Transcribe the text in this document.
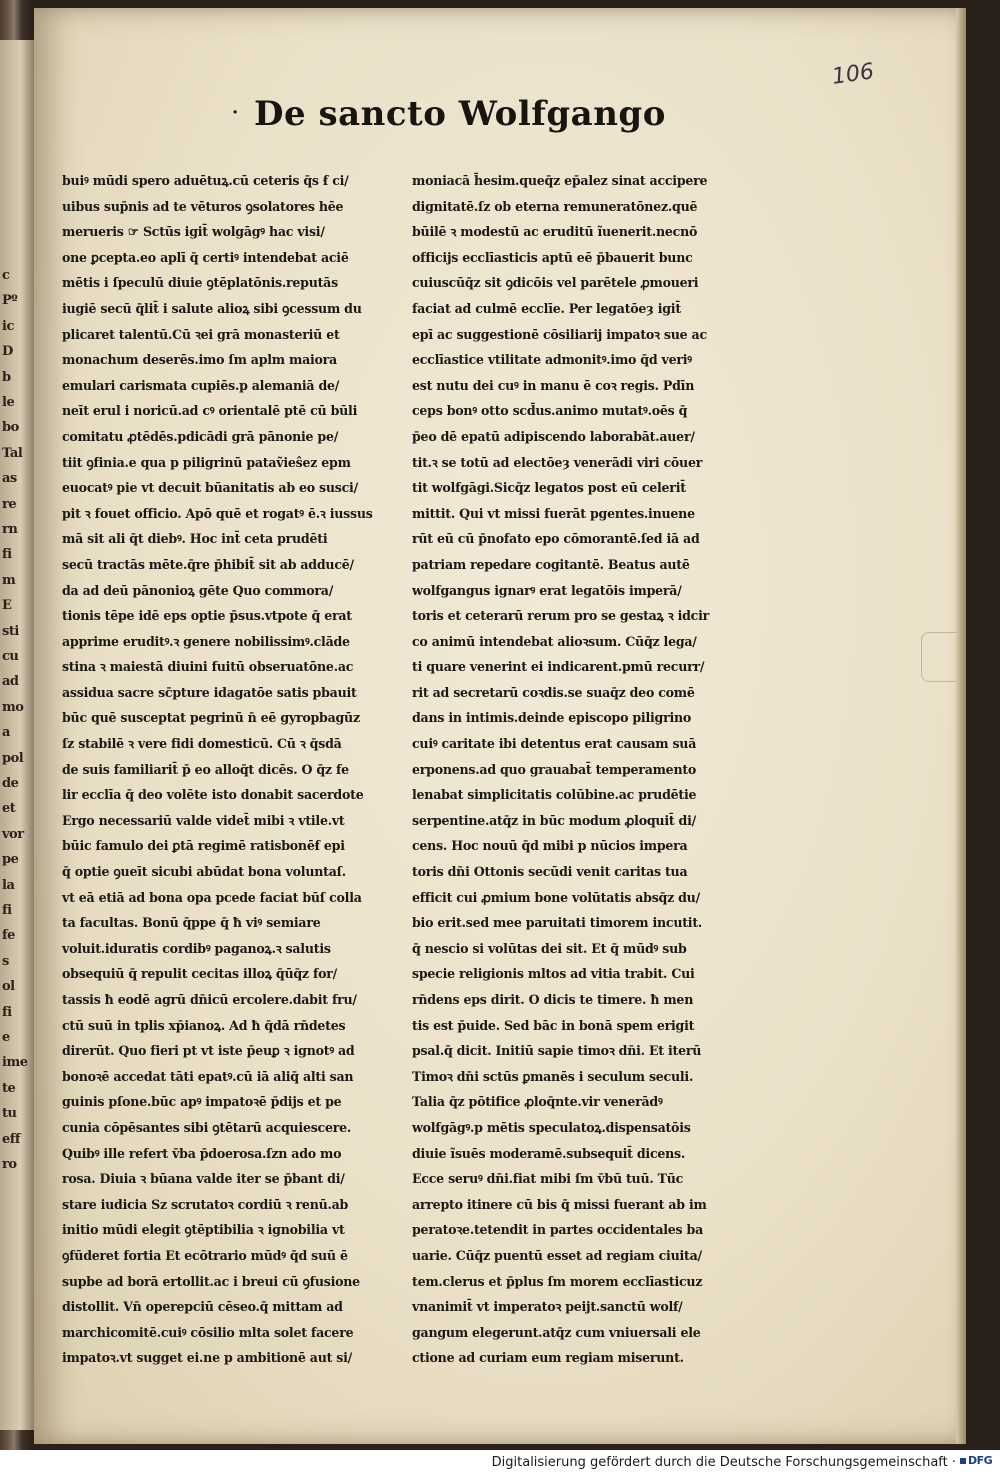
c
Pº
ic
D
b
le
bo
Tal
as
re
rn
fi
m
E
sti
cu
ad
mo
a
pol
de
et
vor
pe
la
fi
fe
s
ol
fi
e
ime
te
tu
eff
ro
106
· De sancto Wolfgango
buiꝰ mūdi spero aduētuꝝ.cū ceteris q̄s ẜ ci/
uibus sup̄nis ad te vēturos ꝯsolatores hēe
merueris ☞ Sctūs igit̄ wolgāgꝰ hac visi/
one ꝑcepta.eo aplī q̄ certiꝰ intendebat aciē
mētis i ſpeculū diuie ꝯtēplatōnis.reputās
iugiē secū q̄lit̄ i salute alioꝝ sibi ꝯcessum du
plicaret talentū.Cū ꝛei grā monasteriū et
monachum deserēs.imo ſm aplm maiora
emulari carismata cupiēs.p alemaniā de/
neīt erul i noricū.ad cꝰ orientalē ptē cū būli
comitatu ꝓtēdēs.pdicādi grā pānonie pe/
tiit ꝯfinia.e qua p piligrinū pataṽieŝez epm
euocatꝰ pie vt decuit būanitatis ab eo susci/
pit ꝛ fouet officio. Apō quē et rogatꝰ ē.ꝛ iussus
mā sit ali q̄t diebꝰ. Hoc int̄ ceta prudēti
secū tractās mēte.q̄re p̄hibit̄ sit ab adducē/
da ad deū pānonioꝝ gēte Quo commora/
tionis tēpe idē eps optie p̄sus.vtpote q̄ erat
apprime eruditꝰ.ꝛ genere nobilissimꝰ.clāde
stina ꝛ maiestā diuini fuitū obseruatōne.ac
assidua sacre sc̄pture idagatōe satis pbauit
būc quē susceptat pegrinū n̄ eē gyropbagūz
ſz stabilē ꝛ vere fidi domesticū. Cū ꝛ q̄sdā
de suis familiarit̄ p̄ eo alloq̄t dicēs. O q̄z fe
lir ecclīa q̄ deo volēte isto donabit sacerdote
Ergo necessariū valde videt̄ mibi ꝛ vtile.vt
būic famulo dei ꝑtā regimē ratisbonēẜ epi
q̄ optie ꝯueīt sicubi abūdat bona voluntaſ.
vt eā etiā ad bona opa pcede faciat būſ colla
ta facultas. Bonū q̄ppe q̄ ħ viꝰ semiare
voluit.iduratis cordibꝰ paganoꝝ.ꝛ salutis
obsequiū q̄ repulit cecitas illoꝝ q̄ūq̄z for/
tassis ħ eodē agrū dn̄icū ercolere.dabit fru/
ctū suū in tplis xp̄ianoꝝ. Ad ħ q̄dā rn̄detes
direrūt. Quo fieri pt vt iste p̄euꝑ ꝛ ignotꝰ ad
bonoꝛē accedat tāti epatꝰ.cū iā aliq̄ alti san
guinis pſone.būc apꝰ impatoꝛē p̄dijs et pe
cunia cōpēsantes sibi ꝯtētarū acquiescere.
Quibꝰ ille refert v̄ba p̄doerosa.ſzn ado mo
rosa. Diuia ꝛ būana valde iter se p̄bant di/
stare iudicia Sz scrutatoꝛ cordiū ꝛ renū.ab
initio mūdi elegit ꝯtēptibilia ꝛ ignobilia vt
ꝯfūderet fortia Et ecōtrario mūdꝰ q̄d suū ē
supbe ad borā ertollit.ac i breui cū ꝯfusione
distollit. Vn̄ operepciū cēseo.q̄ mittam ad
marchicomitē.cuiꝰ cōsilio mlta solet facere
impatoꝛ.vt sugget ei.ne p ambitionē aut si/
moniacā h̄esim.queq̄z ep̄alez sinat accipere
dignitatē.ſz ob eterna remuneratōnez.quē
būilē ꝛ modestū ac eruditū ĩuenerit.necnō
officijs ecclīasticis aptū eē p̄bauerit bunc
cuiuscūq̄z sit ꝯdicōis vel parētele ꝓmoueri
faciat ad culmē ecclīe. Per legatōeȝ igit̄
epī ac suggestionē cōsiliarij impatoꝛ sue ac
ecclīastice vtilitate admonitꝰ.imo q̄d veriꝰ
est nutu dei cuꝰ in manu ē coꝛ regis. Pdīn
ceps bonꝰ otto scd̄us.animo mutatꝰ.oēs q̄
p̄eo dē epatū adipiscendo laborabāt.auer/
tit.ꝛ se totū ad electōeȝ venerādi viri cōuer
tit wolfgāgi.Sicq̄z legatos post eū celerit̄
mittit. Qui vt missi fuerāt pgentes.inuene
rūt eū cū p̄nofato epo cōmorantē.ſed iā ad
patriam repedare cogitantē. Beatus autē
wolfgangus ignarꝰ erat legatōis imperā/
toris et ceterarū rerum pro se gestaꝝ ꝛ idcir
co animū intendebat alioꝛsum. Cūq̄z lega/
ti quare venerint ei indicarent.pmū recurr/
rit ad secretarū coꝛdis.se suaq̄z deo comē
dans in intimis.deinde episcopo piligrino
cuiꝰ caritate ibi detentus erat causam suā
erponens.ad quo grauabat̄ temperamento
lenabat simplicitatis colūbine.ac prudētie
serpentine.atq̄z in būc modum ꝓloquit̄ di/
cens. Hoc nouū q̄d mibi p nūcios impera
toris dn̄i Ottonis secūdi venit caritas tua
efficit cui ꝓmium bone volūtatis absq̄z du/
bio erit.sed mee paruitati timorem incutit.
q̄ nescio si volūtas dei sit. Et q̄ mūdꝰ sub
specie religionis mltos ad vitia trabit. Cui
rn̄dens eps dirit. O dicis te timere. ħ men
tis est p̄uide. Sed bāc in bonā spem erigit
psal.q̄ dicit. Initiū sapie timoꝛ dn̄i. Et iterū
Timoꝛ dn̄i sctūs ꝑmanēs i seculum seculi.
Talia q̄z pōtifice ꝓloq̄nte.vir venerādꝰ
wolfgāgꝰ.p mētis speculatoꝝ.dispensatōis
diuie ĩsuēs moderamē.subsequit̄ dicens.
Ecce seruꝰ dn̄i.fiat mibi ſm v̄bū tuū. Tūc
arrepto itinere cū bis q̄ missi fuerant ab im
peratoꝛe.tetendit in partes occidentales ba
uarie. Cūq̄z puentū esset ad regiam ciuita/
tem.clerus et p̄plus ſm morem ecclīasticuz
vnanimit̄ vt imperatoꝛ peijt.sanctū wolf/
gangum elegerunt.atq̄z cum vniuersali ele
ctione ad curiam eum regiam miserunt.
Digitalisierung gefördert durch die Deutsche Forschungsgemeinschaft ·	DFG
